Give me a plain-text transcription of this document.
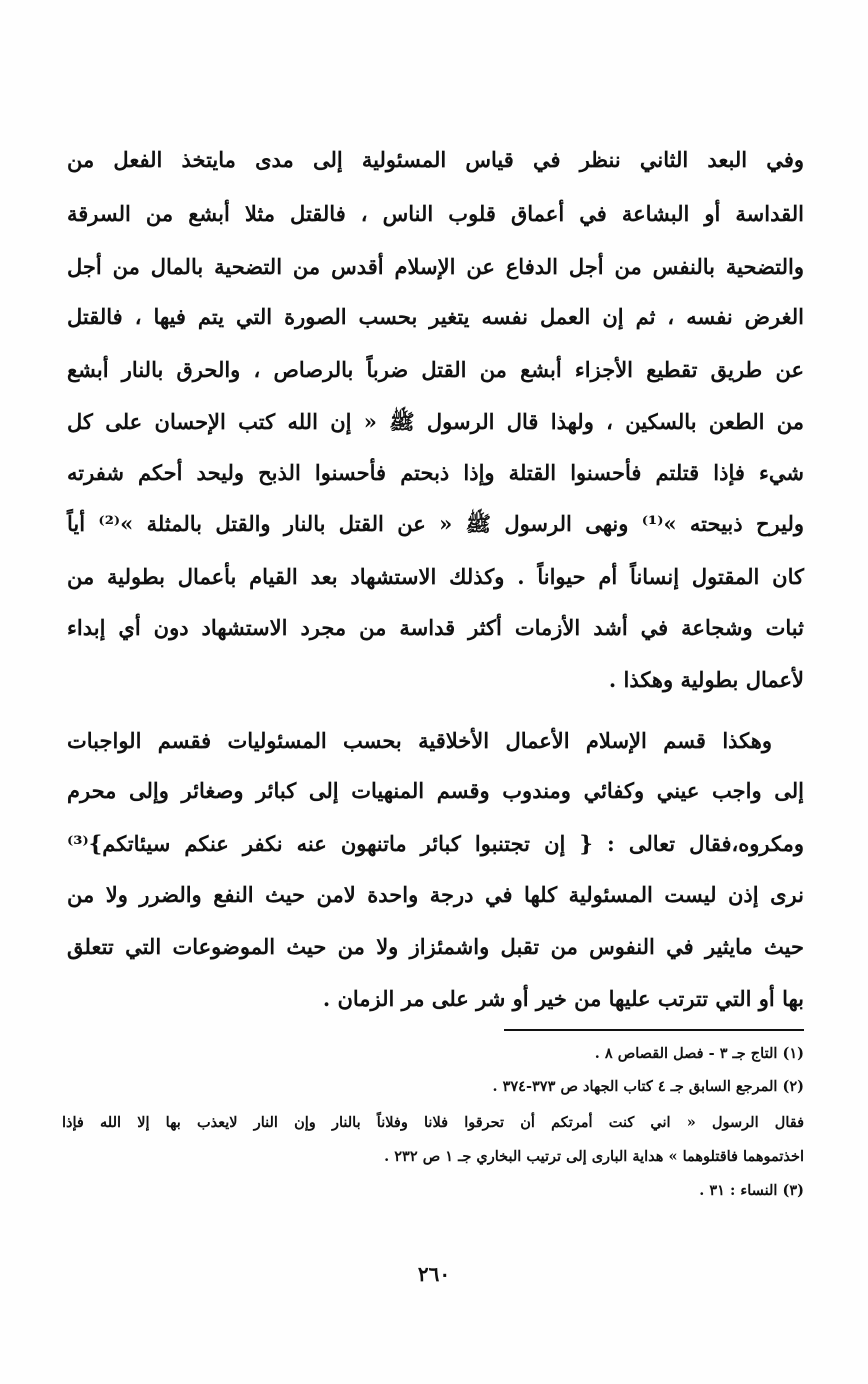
وفي البعد الثاني ننظر في قياس المسئولية إلى مدى مايتخذ الفعل من
القداسة أو البشاعة في أعماق قلوب الناس ، فالقتل مثلا أبشع من السرقة
والتضحية بالنفس من أجل الدفاع عن الإسلام أقدس من التضحية بالمال من أجل
الغرض نفسه ، ثم إن العمل نفسه يتغير بحسب الصورة التي يتم فيها ، فالقتل
عن طريق تقطيع الأجزاء أبشع من القتل ضرباً بالرصاص ، والحرق بالنار أبشع
من الطعن بالسكين ، ولهذا قال الرسول ﷺ « إن الله كتب الإحسان على كل
شيء فإذا قتلتم فأحسنوا القتلة وإذا ذبحتم فأحسنوا الذبح وليحد أحكم شفرته
وليرح ذبيحته »⁽¹⁾ ونهى الرسول ﷺ « عن القتل بالنار والقتل بالمثلة »⁽²⁾ أياً
كان المقتول إنساناً أم حيواناً . وكذلك الاستشهاد بعد القيام بأعمال بطولية من
ثبات وشجاعة في أشد الأزمات أكثر قداسة من مجرد الاستشهاد دون أي إبداء
لأعمال بطولية وهكذا .
وهكذا قسم الإسلام الأعمال الأخلاقية بحسب المسئوليات فقسم الواجبات
إلى واجب عيني وكفائي ومندوب وقسم المنهيات إلى كبائر وصغائر وإلى محرم
ومكروه،فقال تعالى : { إن تجتنبوا كبائر ماتنهون عنه نكفر عنكم سيئاتكم}⁽³⁾
نرى إذن ليست المسئولية كلها في درجة واحدة لامن حيث النفع والضرر ولا من
حيث مايثير في النفوس من تقبل واشمئزاز ولا من حيث الموضوعات التي تتعلق
بها أو التي تترتب عليها من خير أو شر على مر الزمان .
(١) التاج جـ ٣ - فصل القصاص ٨ .
(٢) المرجع السابق جـ ٤ كتاب الجهاد ص ٣٧٣-٣٧٤ .
فقال الرسول « اني كنت أمرتكم أن تحرقوا فلانا وفلاناً بالنار وإن النار لايعذب بها إلا الله فإذا
اخذتموهما فاقتلوهما » هداية البارى إلى ترتيب البخاري جـ ١ ص ٢٣٢ .
(٣) النساء : ٣١ .
٢٦٠
